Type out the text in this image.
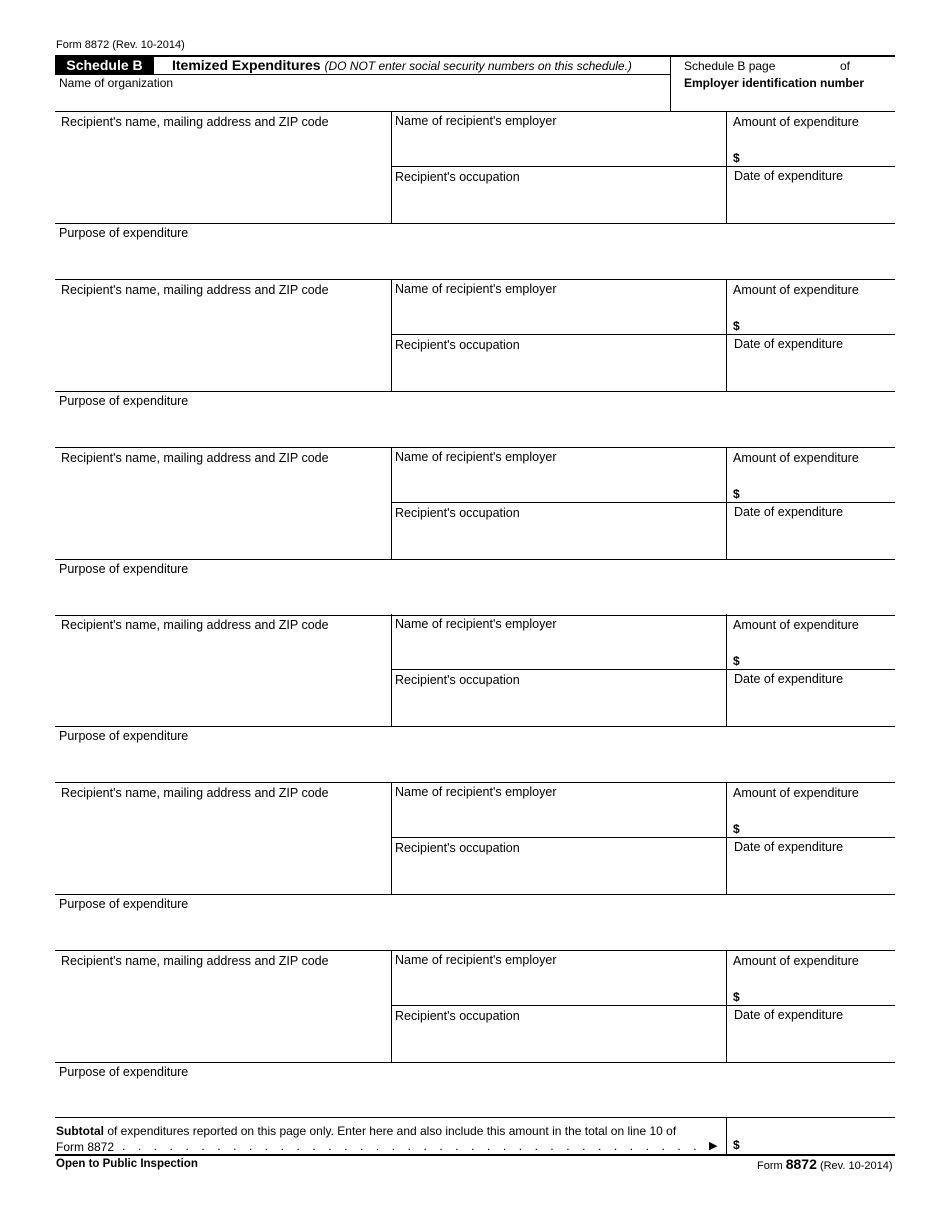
Form 8872 (Rev. 10-2014)
Schedule B	Itemized Expenditures (DO NOT enter social security numbers on this schedule.)	Schedule B page	of
Name of organization	Employer identification number
Recipient's name, mailing address and ZIP code	Name of recipient's employer	Amount of expenditure
$
Recipient's occupation	Date of expenditure
Purpose of expenditure
Recipient's name, mailing address and ZIP code	Name of recipient's employer	Amount of expenditure
$
Recipient's occupation	Date of expenditure
Purpose of expenditure
Recipient's name, mailing address and ZIP code	Name of recipient's employer	Amount of expenditure
$
Recipient's occupation	Date of expenditure
Purpose of expenditure
Recipient's name, mailing address and ZIP code	Name of recipient's employer	Amount of expenditure
$
Recipient's occupation	Date of expenditure
Purpose of expenditure
Recipient's name, mailing address and ZIP code	Name of recipient's employer	Amount of expenditure
$
Recipient's occupation	Date of expenditure
Purpose of expenditure
Recipient's name, mailing address and ZIP code	Name of recipient's employer	Amount of expenditure
$
Recipient's occupation	Date of expenditure
Purpose of expenditure
Subtotal of expenditures reported on this page only. Enter here and also include this amount in the total on line 10 of
Form 8872 . . . . . . . . . . . . . . . . . . . . . . . . . . . . . . . . . . . . . ▶ $
Open to Public Inspection	Form 8872 (Rev. 10-2014)
